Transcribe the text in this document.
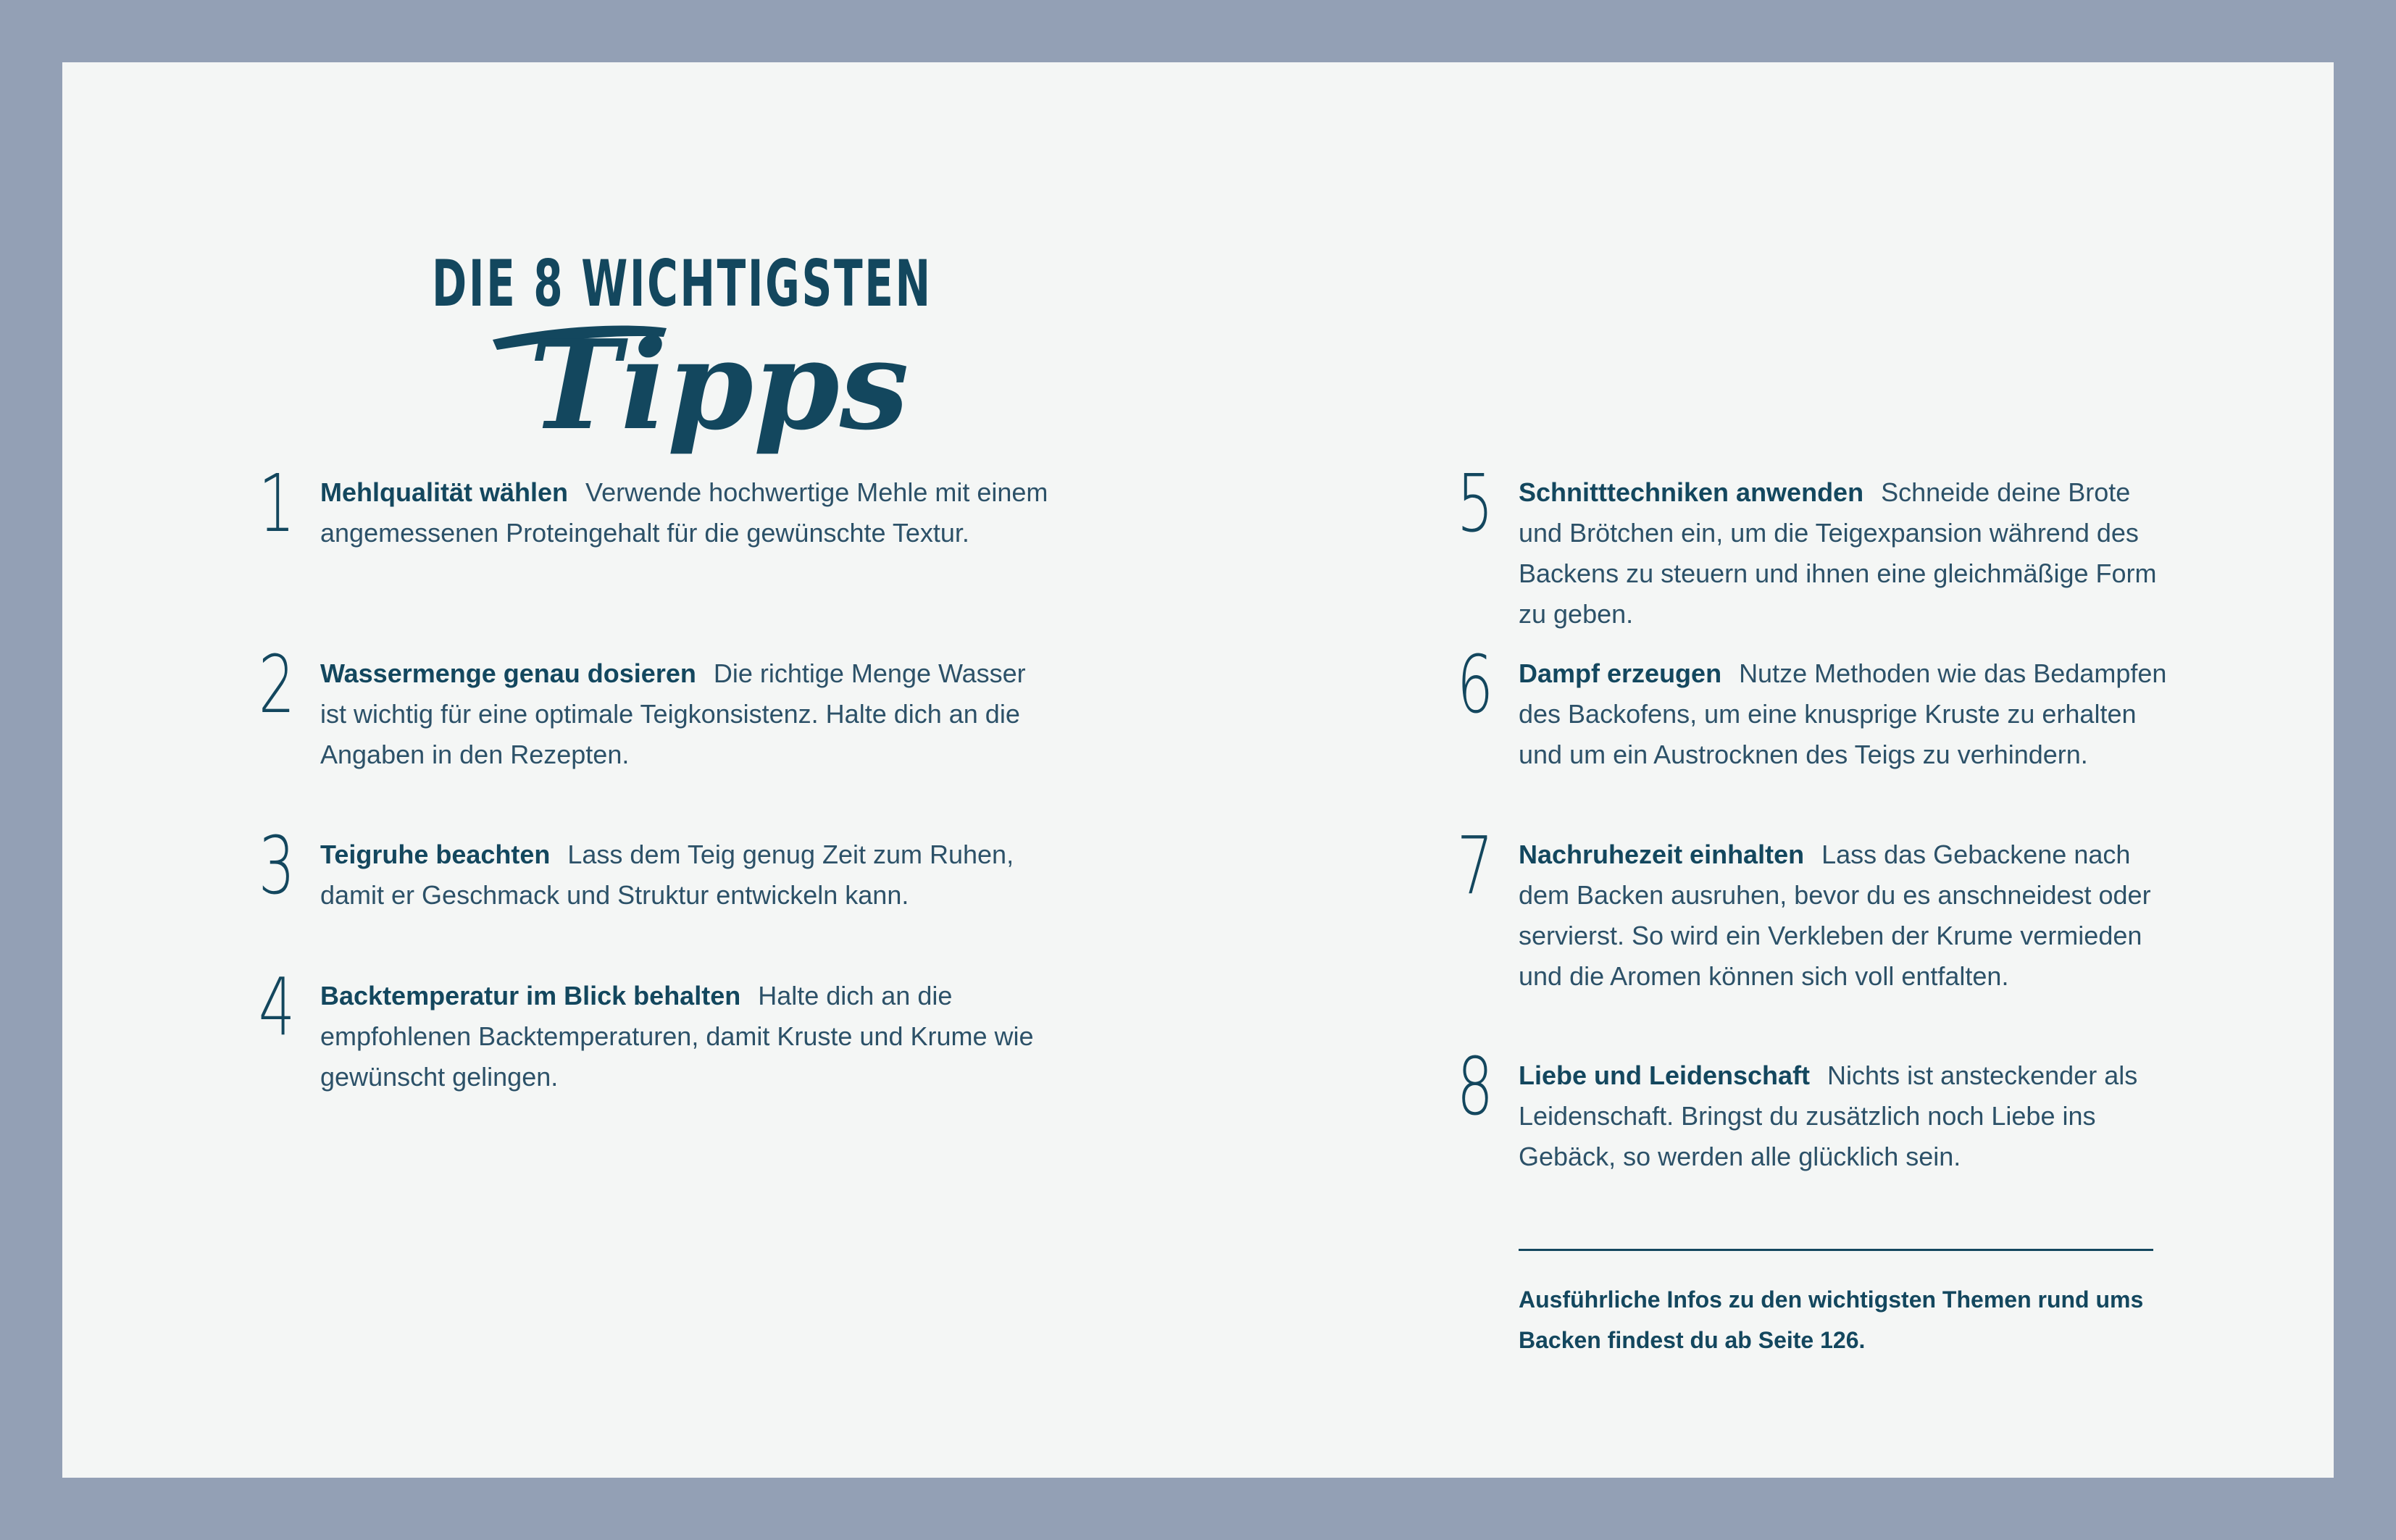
DIE 8 WICHTIGSTEN
Tipps
1 Mehlqualität wählen Verwende hochwertige Mehle mit einem angemessenen Proteingehalt für die gewünschte Textur.
2 Wassermenge genau dosieren Die richtige Menge Wasser ist wichtig für eine optimale Teigkonsistenz. Halte dich an die Angaben in den Rezepten.
3 Teigruhe beachten Lass dem Teig genug Zeit zum Ruhen, damit er Geschmack und Struktur entwickeln kann.
4 Backtemperatur im Blick behalten Halte dich an die empfohlenen Backtemperaturen, damit Kruste und Krume wie gewünscht gelingen.
5 Schnitttechniken anwenden Schneide deine Brote und Brötchen ein, um die Teigexpansion während des Backens zu steuern und ihnen eine gleichmäßige Form zu geben.
6 Dampf erzeugen Nutze Methoden wie das Bedampfen des Backofens, um eine knusprige Kruste zu erhalten und um ein Austrocknen des Teigs zu verhindern.
7 Nachruhezeit einhalten Lass das Gebackene nach dem Backen ausruhen, bevor du es anschneidest oder servierst. So wird ein Verkleben der Krume vermieden und die Aromen können sich voll entfalten.
8 Liebe und Leidenschaft Nichts ist ansteckender als Leidenschaft. Bringst du zusätzlich noch Liebe ins Gebäck, so werden alle glücklich sein.
Ausführliche Infos zu den wichtigsten Themen rund ums Backen findest du ab Seite 126.
